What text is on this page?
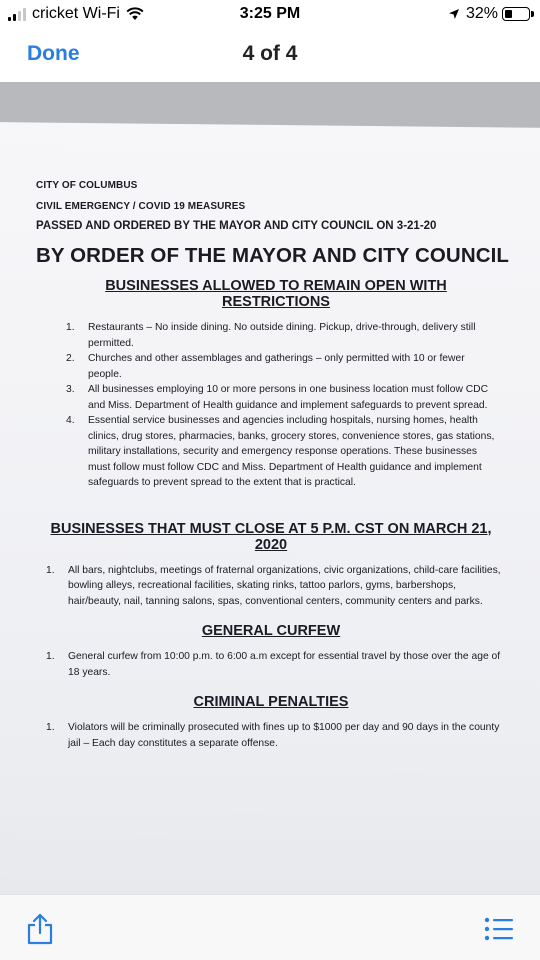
cricket Wi-Fi	3:25 PM	32%
Done	4 of 4
CITY OF COLUMBUS
CIVIL EMERGENCY / COVID 19 MEASURES
PASSED AND ORDERED BY THE MAYOR AND CITY COUNCIL ON 3-21-20
BY ORDER OF THE MAYOR AND CITY COUNCIL
BUSINESSES ALLOWED TO REMAIN OPEN WITH RESTRICTIONS
1. Restaurants – No inside dining. No outside dining. Pickup, drive-through, delivery still permitted.
2. Churches and other assemblages and gatherings – only permitted with 10 or fewer people.
3. All businesses employing 10 or more persons in one business location must follow CDC and Miss. Department of Health guidance and implement safeguards to prevent spread.
4. Essential service businesses and agencies including hospitals, nursing homes, health clinics, drug stores, pharmacies, banks, grocery stores, convenience stores, gas stations, military installations, security and emergency response operations. These businesses must follow must follow CDC and Miss. Department of Health guidance and implement safeguards to prevent spread to the extent that is practical.
BUSINESSES THAT MUST CLOSE AT 5 P.M. CST ON MARCH 21, 2020
1. All bars, nightclubs, meetings of fraternal organizations, civic organizations, child-care facilities, bowling alleys, recreational facilities, skating rinks, tattoo parlors, gyms, barbershops, hair/beauty, nail, tanning salons, spas, conventional centers, community centers and parks.
GENERAL CURFEW
1. General curfew from 10:00 p.m. to 6:00 a.m except for essential travel by those over the age of 18 years.
CRIMINAL PENALTIES
1. Violators will be criminally prosecuted with fines up to $1000 per day and 90 days in the county jail – Each day constitutes a separate offense.
